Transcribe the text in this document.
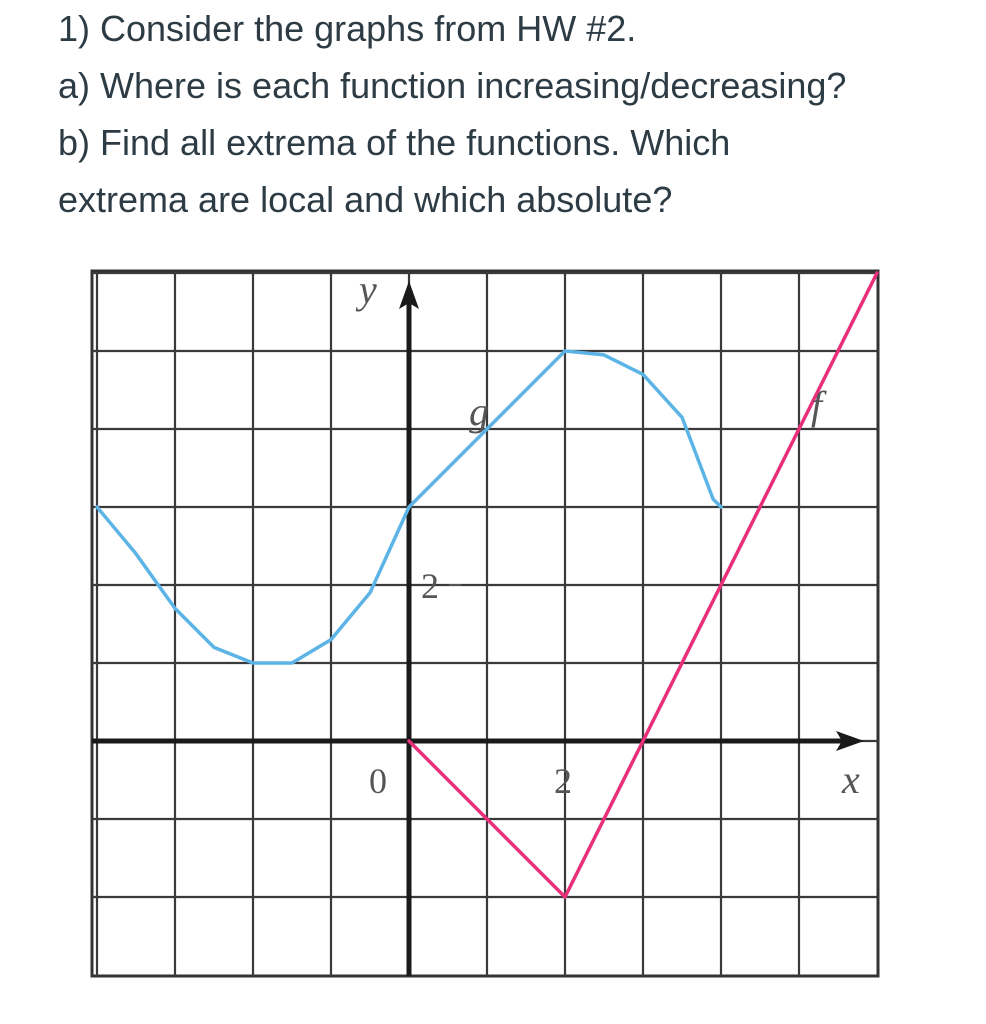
1) Consider the graphs from HW #2.
a) Where is each function increasing/decreasing?
b) Find all extrema of the functions. Which
extrema are local and which absolute?
2
0	2
y
x
g	f
